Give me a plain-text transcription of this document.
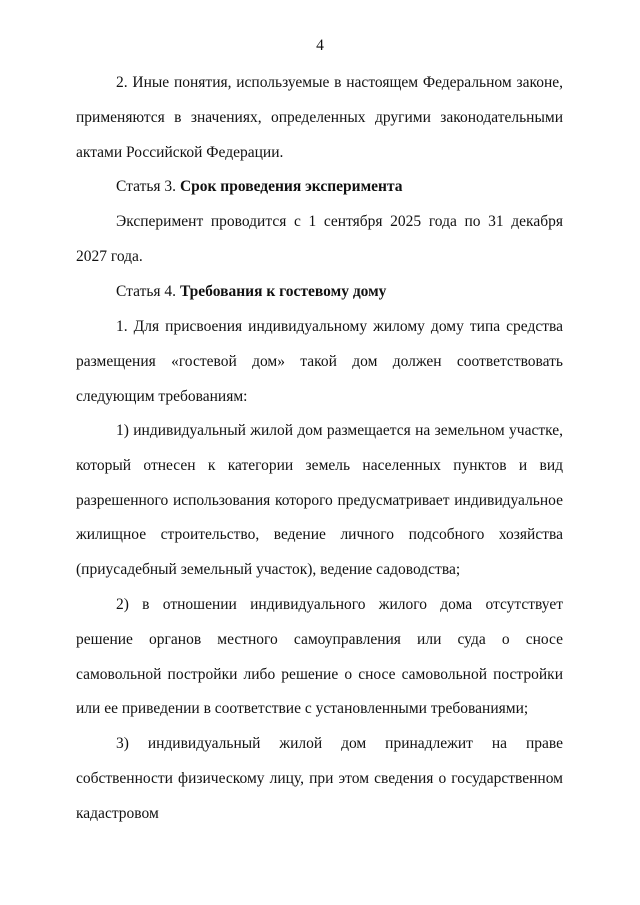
4

2. Иные понятия, используемые в настоящем Федеральном законе, применяются в значениях, определенных другими законодательными актами Российской Федерации.

Статья 3. Срок проведения эксперимента

Эксперимент проводится с 1 сентября 2025 года по 31 декабря 2027 года.

Статья 4. Требования к гостевому дому

1. Для присвоения индивидуальному жилому дому типа средства размещения «гостевой дом» такой дом должен соответствовать следующим требованиям:

1) индивидуальный жилой дом размещается на земельном участке, который отнесен к категории земель населенных пунктов и вид разрешенного использования которого предусматривает индивидуальное жилищное строительство, ведение личного подсобного хозяйства (приусадебный земельный участок), ведение садоводства;

2) в отношении индивидуального жилого дома отсутствует решение органов местного самоуправления или суда о сносе самовольной постройки либо решение о сносе самовольной постройки или ее приведении в соответствие с установленными требованиями;

3) индивидуальный жилой дом принадлежит на праве собственности физическому лицу, при этом сведения о государственном кадастровом
